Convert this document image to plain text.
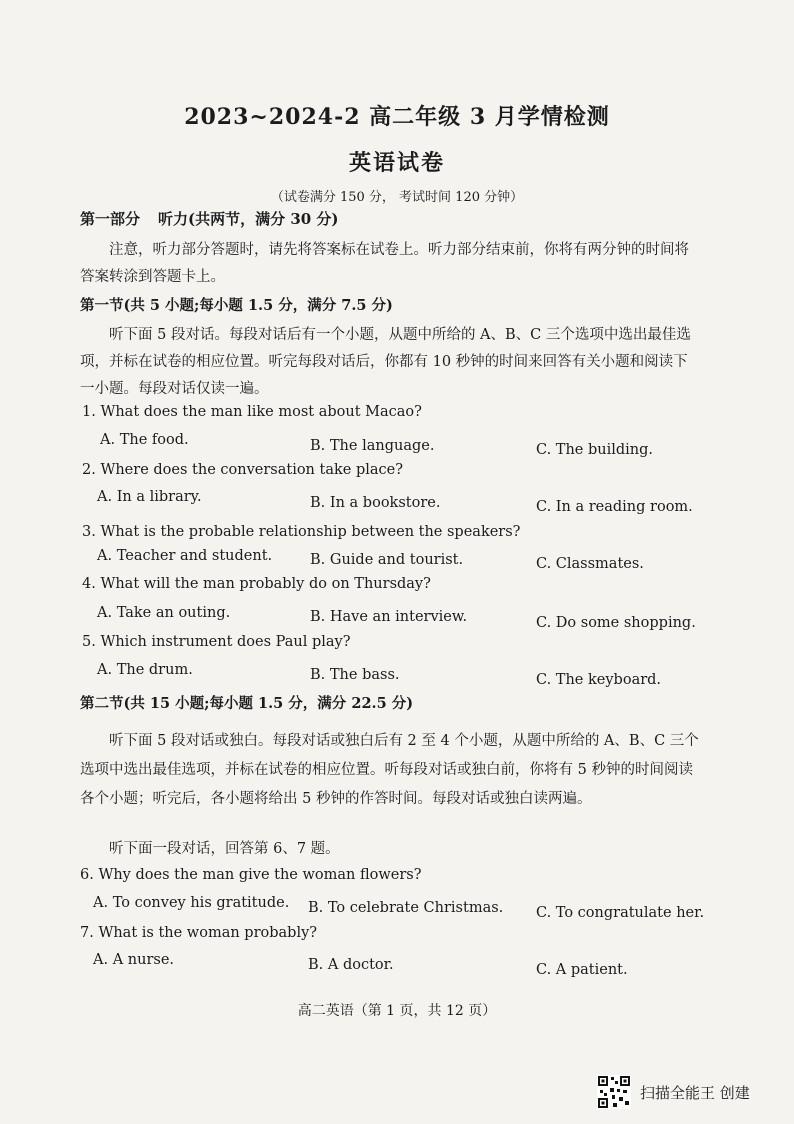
2023~2024-2 高二年级 3 月学情检测
英语试卷
（试卷满分 150 分， 考试时间 120 分钟）
第一部分 听力(共两节，满分 30 分)

注意，听力部分答题时，请先将答案标在试卷上。听力部分结束前，你将有两分钟的时间将答案转涂到答题卡上。

第一节(共 5 小题;每小题 1.5 分，满分 7.5 分)

听下面 5 段对话。每段对话后有一个小题，从题中所给的 A、B、C 三个选项中选出最佳选项，并标在试卷的相应位置。听完每段对话后，你都有 10 秒钟的时间来回答有关小题和阅读下一小题。每段对话仅读一遍。

1. What does the man like most about Macao?
A. The food.	B. The language.	C. The building.
2. Where does the conversation take place?
A. In a library.	B. In a bookstore.	C. In a reading room.
3. What is the probable relationship between the speakers?
A. Teacher and student.	B. Guide and tourist.	C. Classmates.
4. What will the man probably do on Thursday?
A. Take an outing.	B. Have an interview.	C. Do some shopping.
5. Which instrument does Paul play?
A. The drum.	B. The bass.	C. The keyboard.
第二节(共 15 小题;每小题 1.5 分，满分 22.5 分)

听下面 5 段对话或独白。每段对话或独白后有 2 至 4 个小题，从题中所给的 A、B、C 三个选项中选出最佳选项，并标在试卷的相应位置。听每段对话或独白前，你将有 5 秒钟的时间阅读各个小题；听完后，各小题将给出 5 秒钟的作答时间。每段对话或独白读两遍。

听下面一段对话，回答第 6、7 题。

6. Why does the man give the woman flowers?
A. To convey his gratitude. B. To celebrate Christmas. C. To congratulate her.
7. What is the woman probably?
A. A nurse.	B. A doctor.	C. A patient.
高二英语（第 1 页，共 12 页）
扫描全能王 创建
